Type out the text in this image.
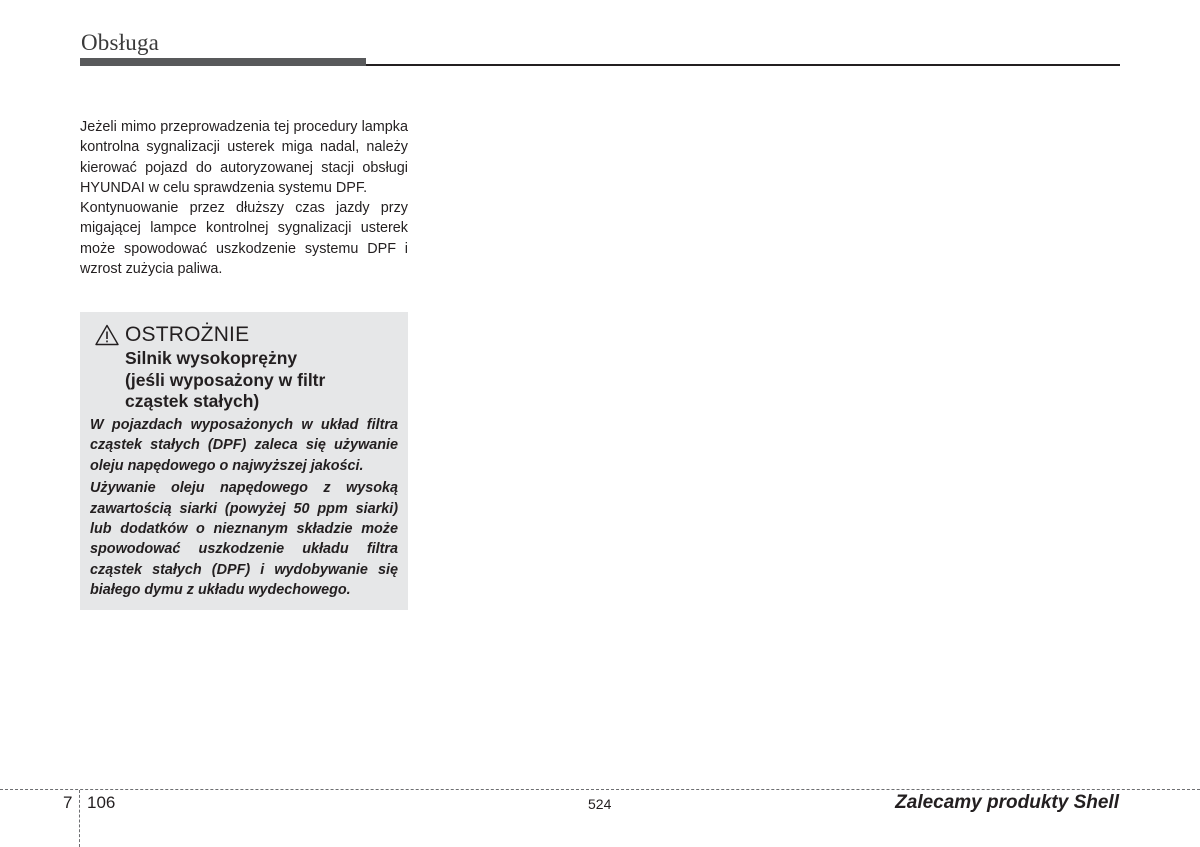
Obsługa

Jeżeli mimo przeprowadzenia tej procedury lampka kontrolna sygnalizacji usterek miga nadal, należy kierować pojazd do autoryzowanej stacji obsługi HYUNDAI w celu sprawdzenia systemu DPF.

Kontynuowanie przez dłuższy czas jazdy przy migającej lampce kontrolnej sygnalizacji usterek może spowodować uszkodzenie systemu DPF i wzrost zużycia paliwa.

OSTROŻNIE
Silnik wysokoprężny
(jeśli wyposażony w filtr
cząstek stałych)

W pojazdach wyposażonych w układ filtra cząstek stałych (DPF) zaleca się używanie oleju napędowego o najwyższej jakości.

Używanie oleju napędowego z wysoką zawartością siarki (powyżej 50 ppm siarki) lub dodatków o nieznanym składzie może spowodować uszkodzenie układu filtra cząstek stałych (DPF) i wydobywanie się białego dymu z układu wydechowego.

7 106	524	Zalecamy produkty Shell
